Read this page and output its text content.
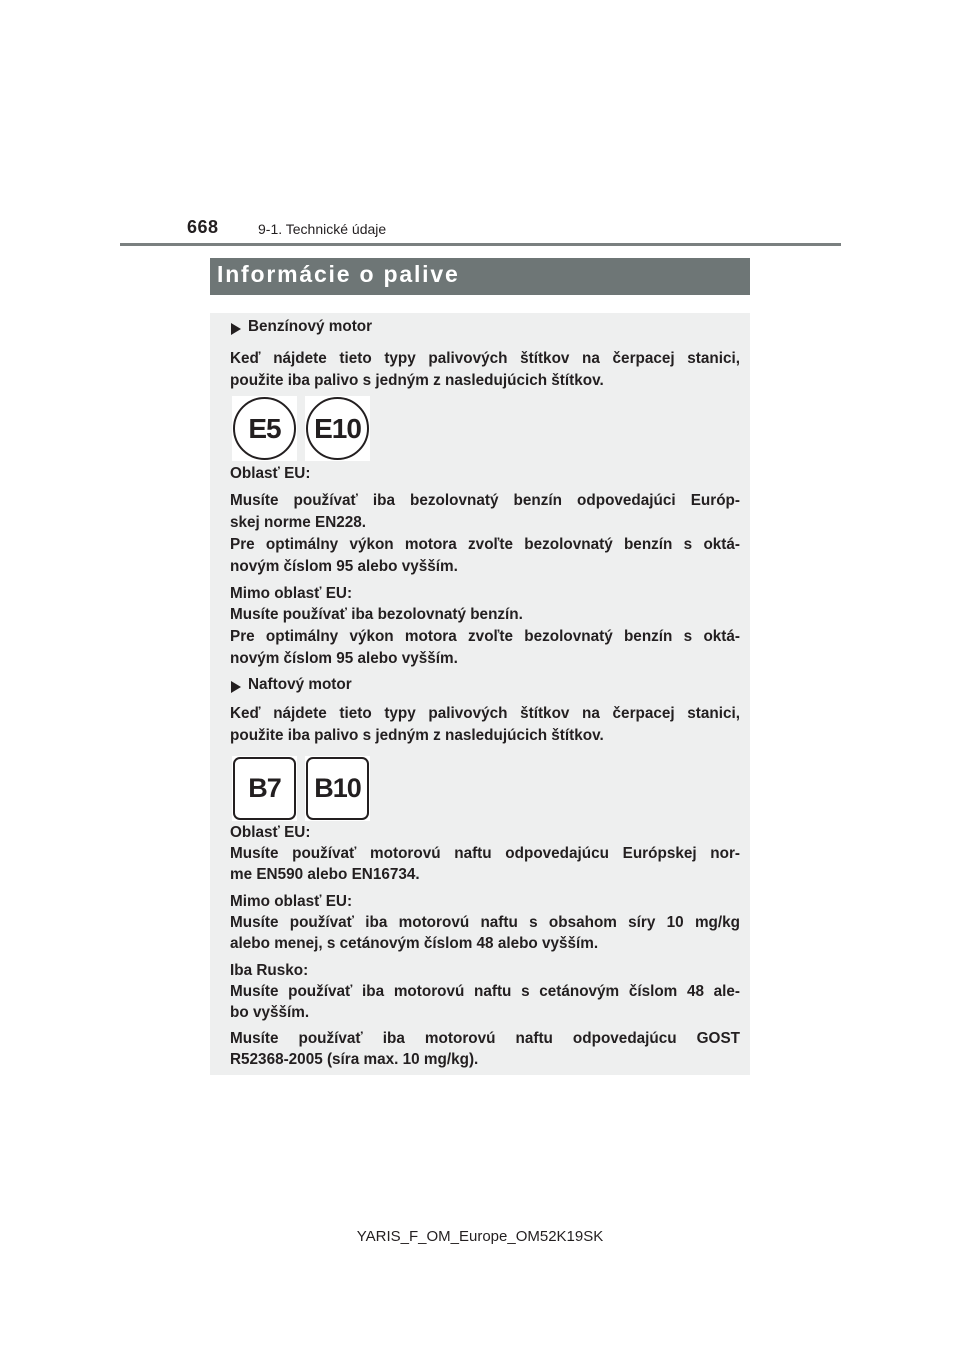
668	9-1. Technické údaje
Informácie o palive
Benzínový motor
Keď nájdete tieto typy palivových štítkov na čerpacej stanici,
použite iba palivo s jedným z nasledujúcich štítkov.
E5	E10
Oblasť EU:
Musíte používať iba bezolovnatý benzín odpovedajúci Európ-
skej norme EN228.
Pre optimálny výkon motora zvoľte bezolovnatý benzín s oktá-
novým číslom 95 alebo vyšším.
Mimo oblasť EU:
Musíte používať iba bezolovnatý benzín.
Pre optimálny výkon motora zvoľte bezolovnatý benzín s oktá-
novým číslom 95 alebo vyšším.
Naftový motor
Keď nájdete tieto typy palivových štítkov na čerpacej stanici,
použite iba palivo s jedným z nasledujúcich štítkov.
B7	B10
Oblasť EU:
Musíte používať motorovú naftu odpovedajúcu Európskej nor-
me EN590 alebo EN16734.
Mimo oblasť EU:
Musíte používať iba motorovú naftu s obsahom síry 10 mg/kg
alebo menej, s cetánovým číslom 48 alebo vyšším.
Iba Rusko:
Musíte používať iba motorovú naftu s cetánovým číslom 48 ale-
bo vyšším.
Musíte používať iba motorovú naftu odpovedajúcu GOST
R52368-2005 (síra max. 10 mg/kg).
YARIS_F_OM_Europe_OM52K19SK
